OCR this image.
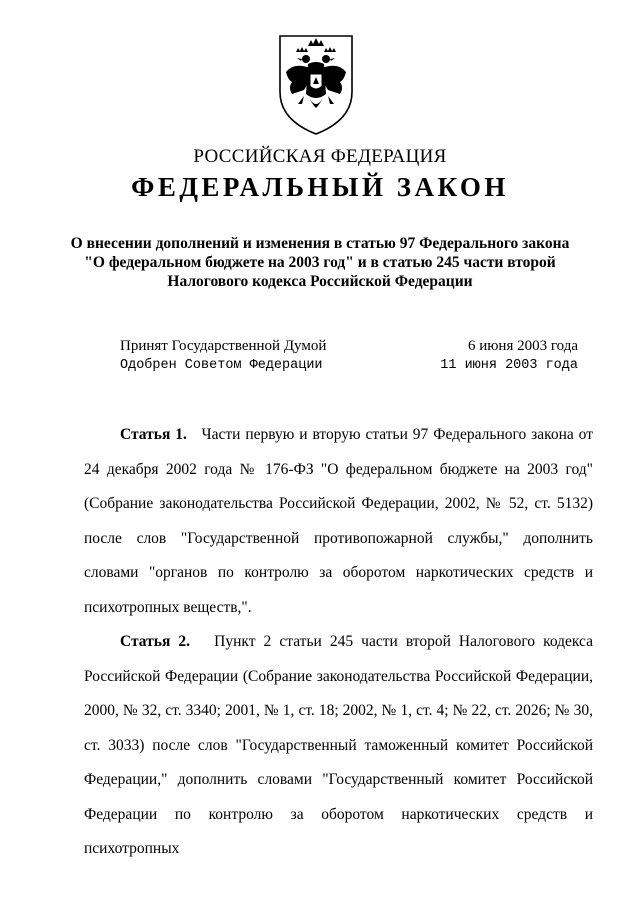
РОССИЙСКАЯ ФЕДЕРАЦИЯ
ФЕДЕРАЛЬНЫЙ ЗАКОН
О внесении дополнений и изменения в статью 97 Федерального закона
"О федеральном бюджете на 2003 год" и в статью 245 части второй
Налогового кодекса Российской Федерации
Принят Государственной Думой
Одобрен Советом Федерации
6 июня 2003 года
11 июня 2003 года

Статья 1. Части первую и вторую статьи 97 Федерального закона от 24 декабря 2002 года № 176-ФЗ "О федеральном бюджете на 2003 год" (Собрание законодательства Российской Федерации, 2002, № 52, ст. 5132) после слов "Государственной противопожарной службы," дополнить словами "органов по контролю за оборотом наркотических средств и психотропных веществ,".

Статья 2. Пункт 2 статьи 245 части второй Налогового кодекса Российской Федерации (Собрание законодательства Российской Федерации, 2000, № 32, ст. 3340; 2001, № 1, ст. 18; 2002, № 1, ст. 4; № 22, ст. 2026; № 30, ст. 3033) после слов "Государственный таможенный комитет Российской Федерации," дополнить словами "Государственный комитет Российской Федерации по контролю за оборотом наркотических средств и психотропных
